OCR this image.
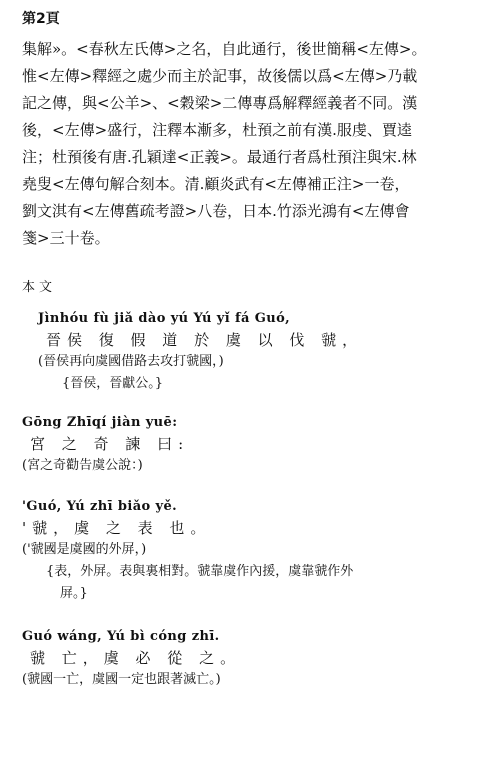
第2頁
集解»。<春秋左氏傳>之名，自此通行，後世簡稱<左傳>。
惟<左傳>釋經之處少而主於記事，故後儒以爲<左傳>乃載
記之傳，與<公羊>、<穀梁>二傳專爲解釋經義者不同。漢
後，<左傳>盛行，注釋本漸多，杜預之前有漢.服虔、賈逵
注；杜預後有唐.孔穎達<正義>。最通行者爲杜預注與宋.林
堯叟<左傳句解合刻本。清.顧炎武有<左傳補正注>一卷，
劉文淇有<左傳舊疏考證>八卷，日本.竹添光鴻有<左傳會
箋>三十卷。
本文
Jìnhóu fù jiǎ dào yú Yú yǐ fá Guó,
晉侯 復 假 道 於 虞 以 伐 虢，
(晉侯再向虞國借路去攻打虢國，)
{晉侯，晉獻公。}
Gōng Zhīqí jiàn yuē:
宮 之 奇 諫 曰:
(宮之奇勸告虞公說：)
'Guó, Yú zhī biǎo yě.
'虢，虞 之 表 也。
('虢國是虞國的外屏，)
{表，外屏。表與裏相對。虢靠虞作內援，虞靠虢作外
屏。}
Guó wáng, Yú bì cóng zhī.
虢 亡，虞 必 從 之。
(虢國一亡，虞國一定也跟著滅亡。)
